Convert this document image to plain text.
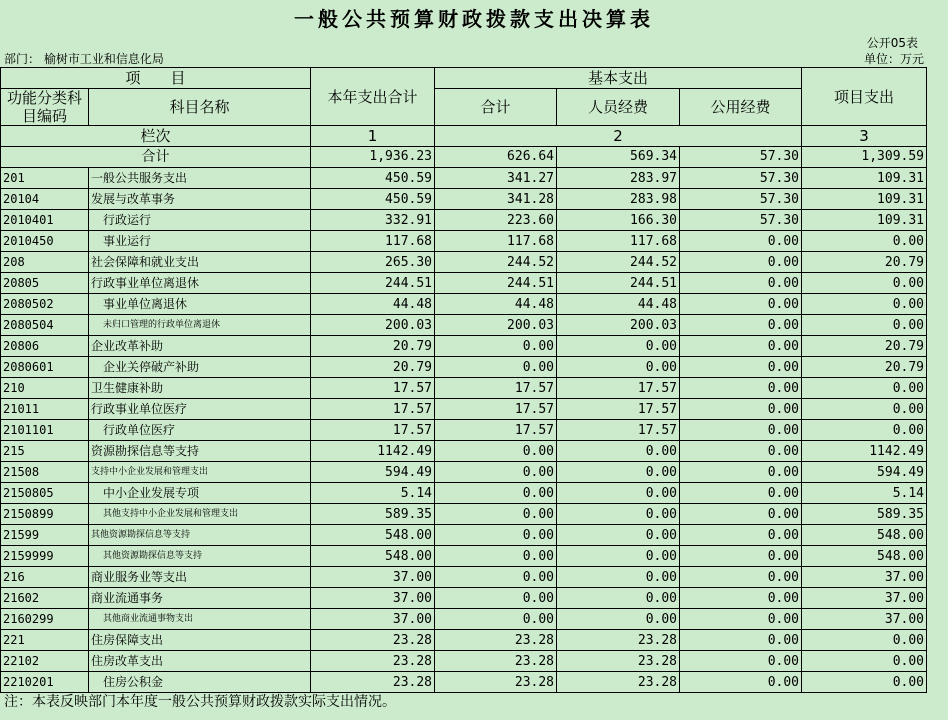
一般公共预算财政拨款支出决算表
公开05表
部门： 榆树市工业和信息化局	单位：万元
项　　目		本年支出合计	基本支出			项目支出
功能分类科目编码	科目名称					
			合计	人员经费	公用经费	
栏次		1	2			3
合计		1,936.23	626.64	569.34	57.30	1,309.59
201	一般公共服务支出	450.59	341.27	283.97	57.30	109.31
20104	发展与改革事务	450.59	341.28	283.98	57.30	109.31
2010401	行政运行	332.91	223.60	166.30	57.30	109.31
2010450	事业运行	117.68	117.68	117.68	0.00	0.00
208	社会保障和就业支出	265.30	244.52	244.52	0.00	20.79
20805	行政事业单位离退休	244.51	244.51	244.51	0.00	0.00
2080502	事业单位离退休	44.48	44.48	44.48	0.00	0.00
2080504	未归口管理的行政单位离退休	200.03	200.03	200.03	0.00	0.00
20806	企业改革补助	20.79	0.00	0.00	0.00	20.79
2080601	企业关停破产补助	20.79	0.00	0.00	0.00	20.79
210	卫生健康补助	17.57	17.57	17.57	0.00	0.00
21011	行政事业单位医疗	17.57	17.57	17.57	0.00	0.00
2101101	行政单位医疗	17.57	17.57	17.57	0.00	0.00
215	资源勘探信息等支持	1142.49	0.00	0.00	0.00	1142.49
21508	支持中小企业发展和管理支出	594.49	0.00	0.00	0.00	594.49
2150805	中小企业发展专项	5.14	0.00	0.00	0.00	5.14
2150899	其他支持中小企业发展和管理支出	589.35	0.00	0.00	0.00	589.35
21599	其他资源勘探信息等支持	548.00	0.00	0.00	0.00	548.00
2159999	其他资源勘探信息等支持	548.00	0.00	0.00	0.00	548.00
216	商业服务业等支出	37.00	0.00	0.00	0.00	37.00
21602	商业流通事务	37.00	0.00	0.00	0.00	37.00
2160299	其他商业流通事物支出	37.00	0.00	0.00	0.00	37.00
221	住房保障支出	23.28	23.28	23.28	0.00	0.00
22102	住房改革支出	23.28	23.28	23.28	0.00	0.00
2210201	住房公积金	23.28	23.28	23.28	0.00	0.00
注：本表反映部门本年度一般公共预算财政拨款实际支出情况。
